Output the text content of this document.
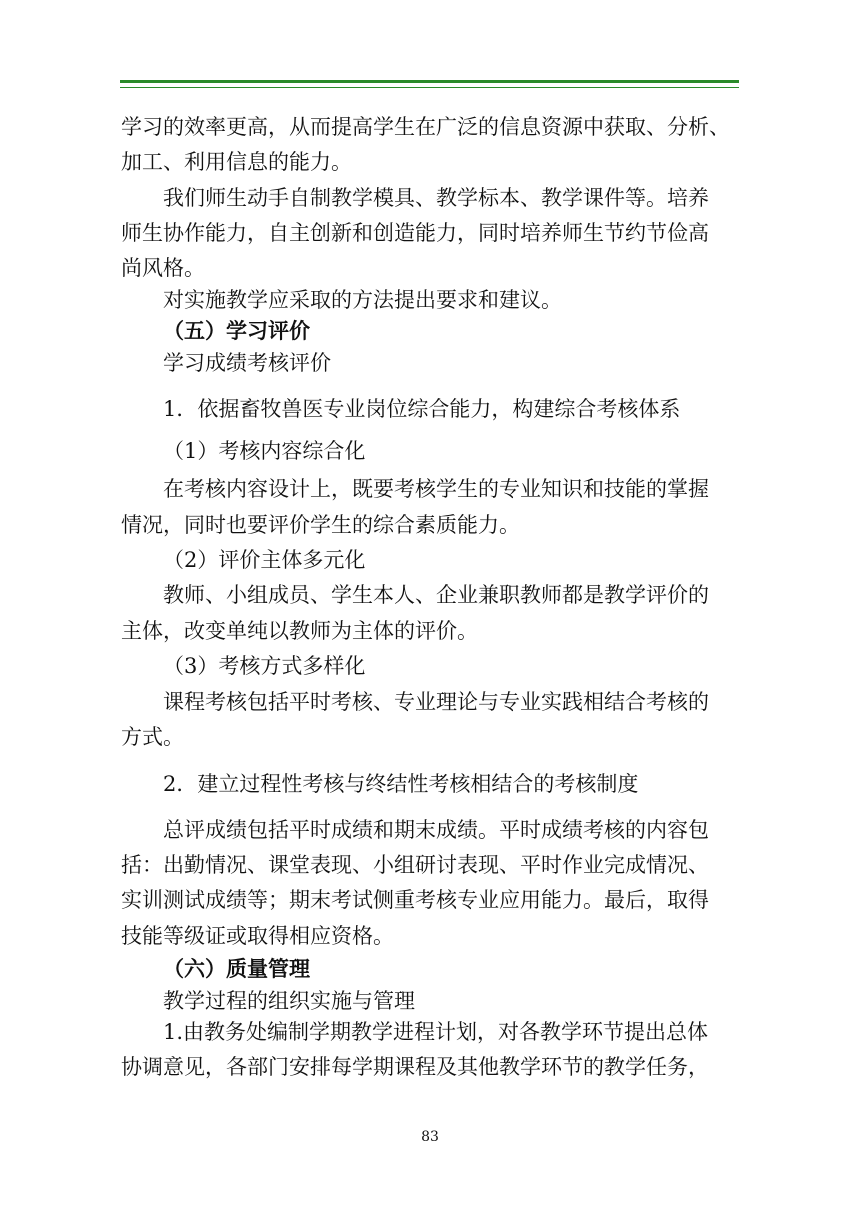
学习的效率更高，从而提高学生在广泛的信息资源中获取、分析、

加工、利用信息的能力。

我们师生动手自制教学模具、教学标本、教学课件等。培养

师生协作能力，自主创新和创造能力，同时培养师生节约节俭高

尚风格。

对实施教学应采取的方法提出要求和建议。

（五）学习评价

学习成绩考核评价

1．依据畜牧兽医专业岗位综合能力，构建综合考核体系

（1）考核内容综合化

在考核内容设计上，既要考核学生的专业知识和技能的掌握

情况，同时也要评价学生的综合素质能力。

（2）评价主体多元化

教师、小组成员、学生本人、企业兼职教师都是教学评价的

主体，改变单纯以教师为主体的评价。

（3）考核方式多样化

课程考核包括平时考核、专业理论与专业实践相结合考核的

方式。

2．建立过程性考核与终结性考核相结合的考核制度

总评成绩包括平时成绩和期末成绩。平时成绩考核的内容包

括：出勤情况、课堂表现、小组研讨表现、平时作业完成情况、

实训测试成绩等；期末考试侧重考核专业应用能力。最后，取得

技能等级证或取得相应资格。

（六）质量管理

教学过程的组织实施与管理

1.由教务处编制学期教学进程计划，对各教学环节提出总体

协调意见，各部门安排每学期课程及其他教学环节的教学任务，

83
